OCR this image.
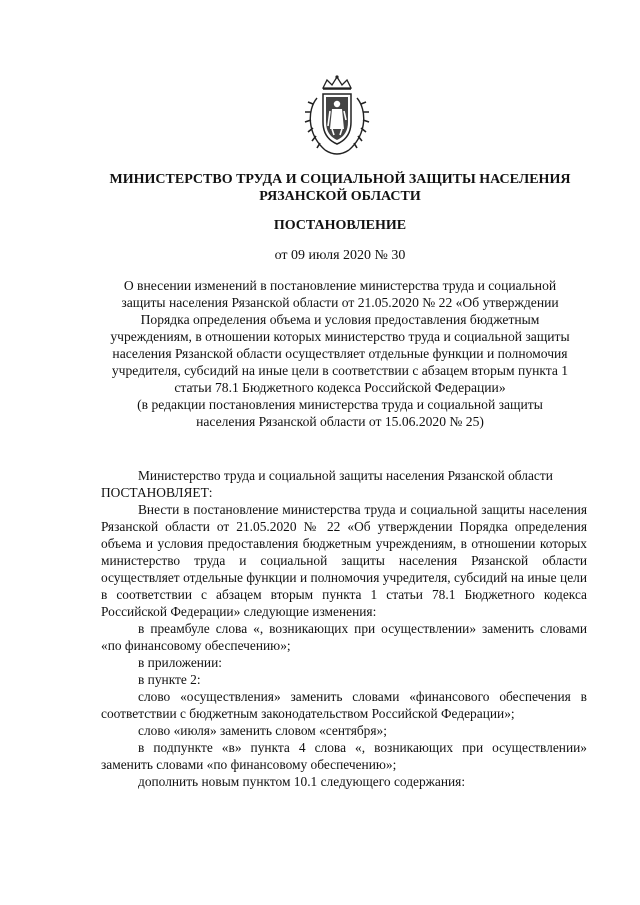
МИНИСТЕРСТВО ТРУДА И СОЦИАЛЬНОЙ ЗАЩИТЫ НАСЕЛЕНИЯ
РЯЗАНСКОЙ ОБЛАСТИ
ПОСТАНОВЛЕНИЕ
от 09 июля 2020 № 30
О внесении изменений в постановление министерства труда и социальной
защиты населения Рязанской области от 21.05.2020 № 22 «Об утверждении
Порядка определения объема и условия предоставления бюджетным
учреждениям, в отношении которых министерство труда и социальной защиты
населения Рязанской области осуществляет отдельные функции и полномочия
учредителя, субсидий на иные цели в соответствии с абзацем вторым пункта 1
статьи 78.1 Бюджетного кодекса Российской Федерации»
(в редакции постановления министерства труда и социальной защиты
населения Рязанской области от 15.06.2020 № 25)

Министерство труда и социальной защиты населения Рязанской области

ПОСТАНОВЛЯЕТ:

Внести в постановление министерства труда и социальной защиты населения Рязанской области от 21.05.2020 № 22 «Об утверждении Порядка определения объема и условия предоставления бюджетным учреждениям, в отношении которых министерство труда и социальной защиты населения Рязанской области осуществляет отдельные функции и полномочия учредителя, субсидий на иные цели в соответствии с абзацем вторым пункта 1 статьи 78.1 Бюджетного кодекса Российской Федерации» следующие изменения:

в преамбуле слова «, возникающих при осуществлении» заменить словами «по финансовому обеспечению»;

в приложении:

в пункте 2:

слово «осуществления» заменить словами «финансового обеспечения в соответствии с бюджетным законодательством Российской Федерации»;

слово «июля» заменить словом «сентября»;

в подпункте «в» пункта 4 слова «, возникающих при осуществлении» заменить словами «по финансовому обеспечению»;

дополнить новым пунктом 10.1 следующего содержания:
